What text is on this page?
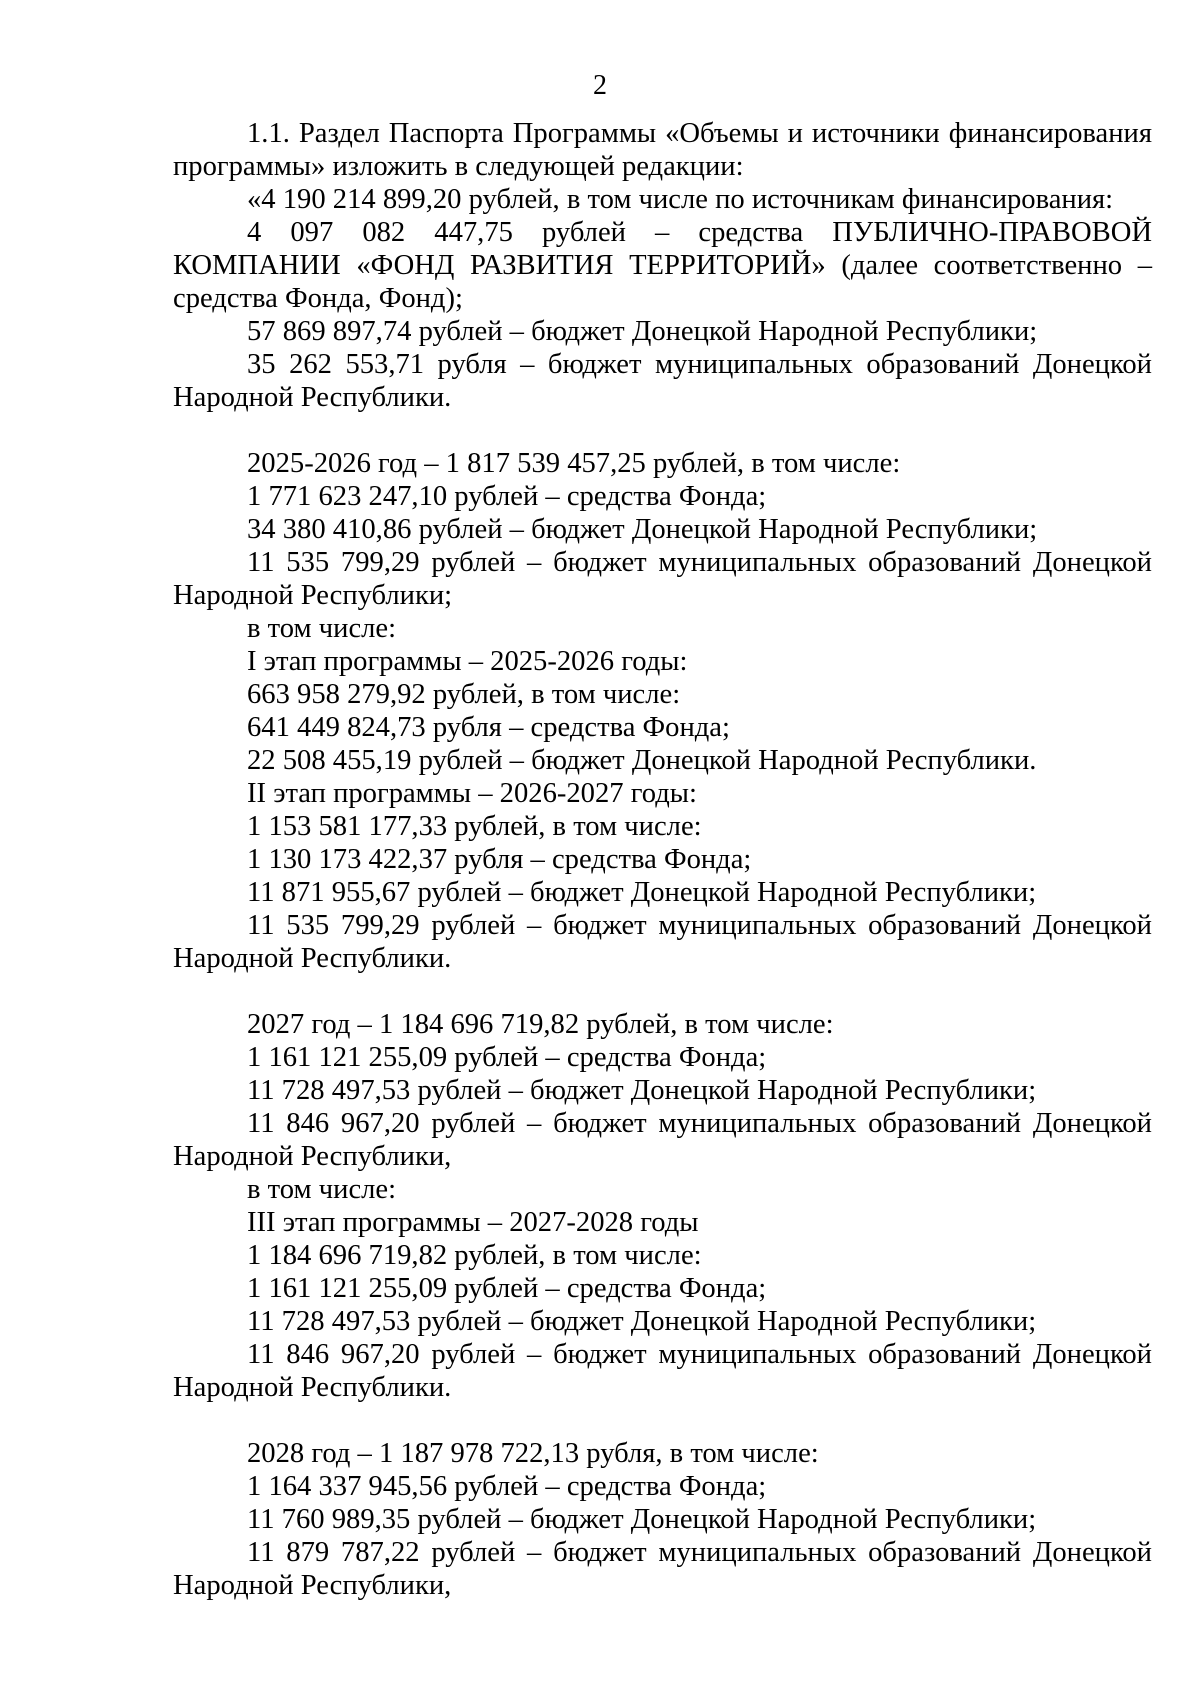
2

1.1. Раздел Паспорта Программы «Объемы и источники финансирования программы» изложить в следующей редакции:

«4 190 214 899,20 рублей, в том числе по источникам финансирования:

4 097 082 447,75 рублей – средства ПУБЛИЧНО-ПРАВОВОЙ КОМПАНИИ «ФОНД РАЗВИТИЯ ТЕРРИТОРИЙ» (далее соответственно – средства Фонда, Фонд);

57 869 897,74 рублей – бюджет Донецкой Народной Республики;

35 262 553,71 рубля – бюджет муниципальных образований Донецкой Народной Республики.

2025-2026 год – 1 817 539 457,25 рублей, в том числе:

1 771 623 247,10 рублей – средства Фонда;

34 380 410,86 рублей – бюджет Донецкой Народной Республики;

11 535 799,29 рублей – бюджет муниципальных образований Донецкой Народной Республики;

в том числе:

I этап программы – 2025-2026 годы:

663 958 279,92 рублей, в том числе:

641 449 824,73 рубля – средства Фонда;

22 508 455,19 рублей – бюджет Донецкой Народной Республики.

II этап программы – 2026-2027 годы:

1 153 581 177,33 рублей, в том числе:

1 130 173 422,37 рубля – средства Фонда;

11 871 955,67 рублей – бюджет Донецкой Народной Республики;

11 535 799,29 рублей – бюджет муниципальных образований Донецкой Народной Республики.

2027 год – 1 184 696 719,82 рублей, в том числе:

1 161 121 255,09 рублей – средства Фонда;

11 728 497,53 рублей – бюджет Донецкой Народной Республики;

11 846 967,20 рублей – бюджет муниципальных образований Донецкой Народной Республики,

в том числе:

III этап программы – 2027-2028 годы

1 184 696 719,82 рублей, в том числе:

1 161 121 255,09 рублей – средства Фонда;

11 728 497,53 рублей – бюджет Донецкой Народной Республики;

11 846 967,20 рублей – бюджет муниципальных образований Донецкой Народной Республики.

2028 год – 1 187 978 722,13 рубля, в том числе:

1 164 337 945,56 рублей – средства Фонда;

11 760 989,35 рублей – бюджет Донецкой Народной Республики;

11 879 787,22 рублей – бюджет муниципальных образований Донецкой Народной Республики,
